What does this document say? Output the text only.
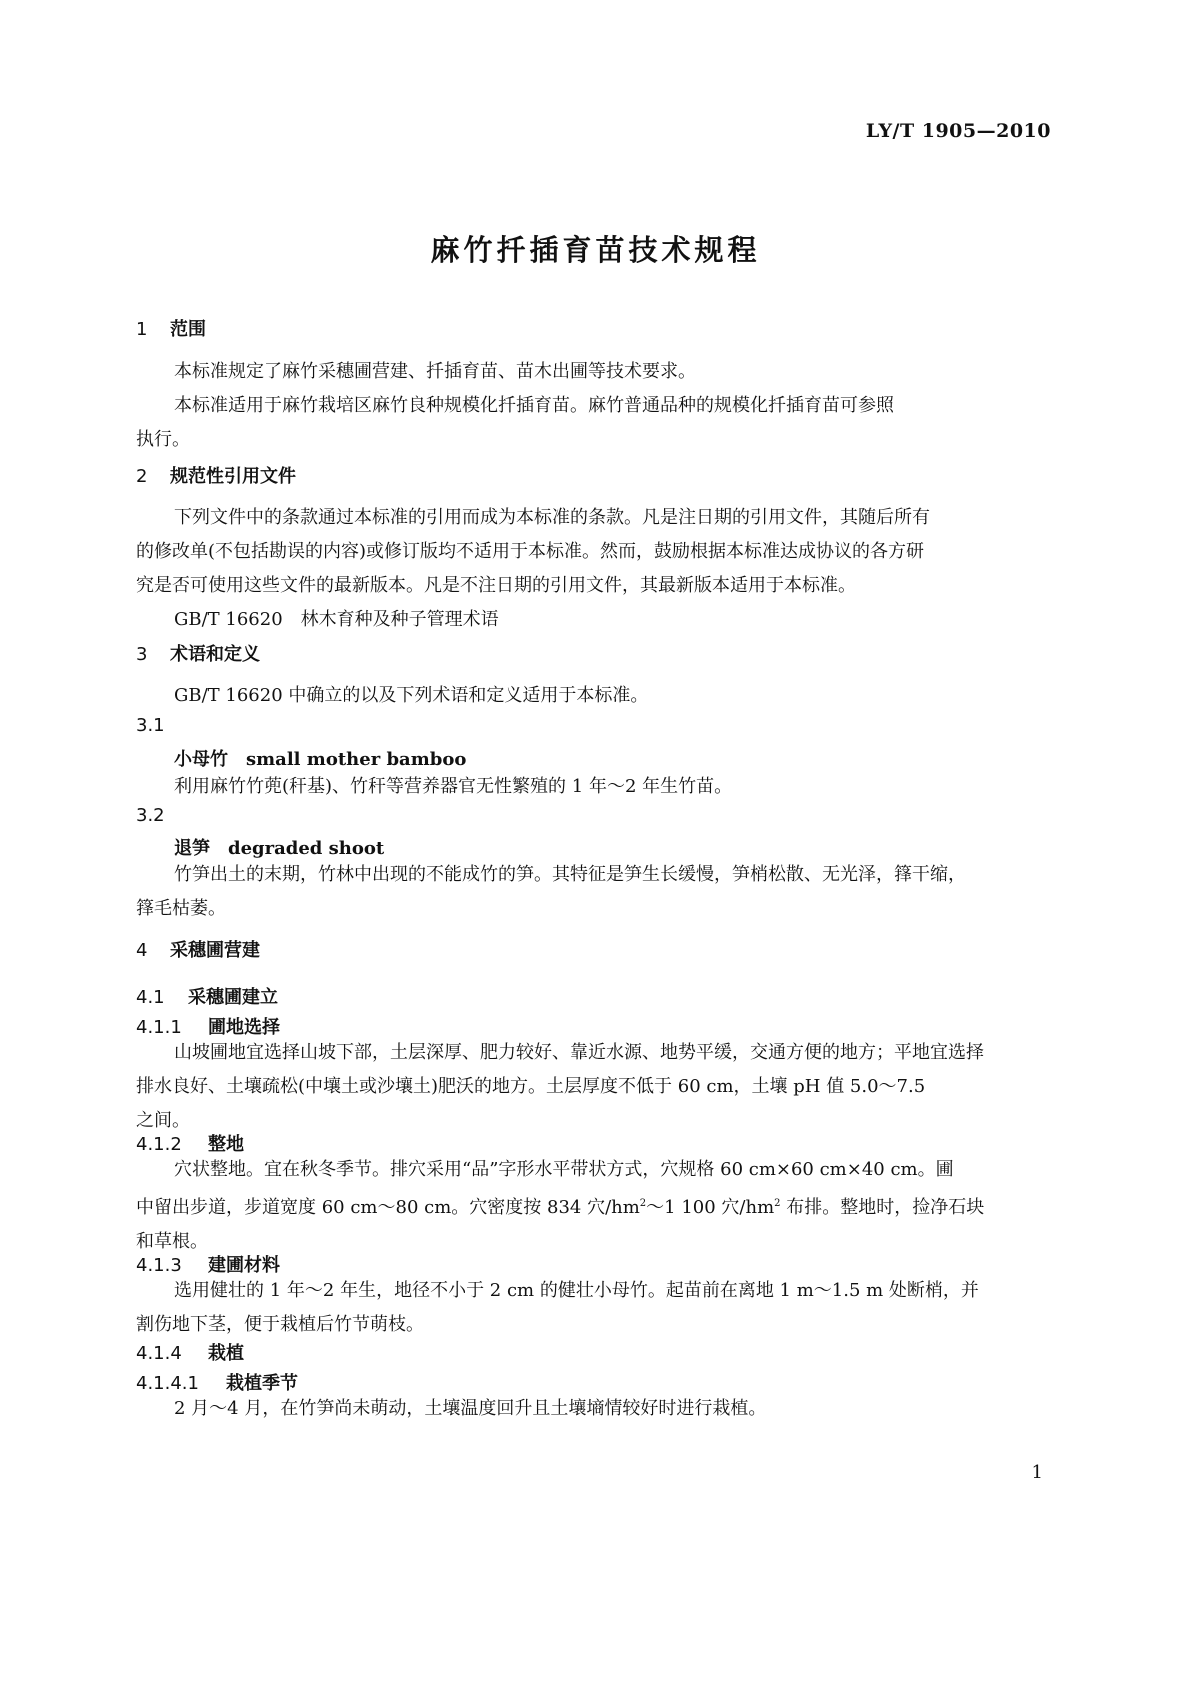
LY/T 1905—2010
麻竹扦插育苗技术规程
1 范围
本标准规定了麻竹采穗圃营建、扦插育苗、苗木出圃等技术要求。
本标准适用于麻竹栽培区麻竹良种规模化扦插育苗。麻竹普通品种的规模化扦插育苗可参照
执行。
2 规范性引用文件
下列文件中的条款通过本标准的引用而成为本标准的条款。凡是注日期的引用文件，其随后所有
的修改单(不包括勘误的内容)或修订版均不适用于本标准。然而，鼓励根据本标准达成协议的各方研
究是否可使用这些文件的最新版本。凡是不注日期的引用文件，其最新版本适用于本标准。
GB/T 16620　林木育种及种子管理术语
3 术语和定义
GB/T 16620 中确立的以及下列术语和定义适用于本标准。
3.1
小母竹 small mother bamboo
利用麻竹竹蔸(秆基)、竹秆等营养器官无性繁殖的 1 年～2 年生竹苗。
3.2
退笋 degraded shoot
竹笋出土的末期，竹林中出现的不能成竹的笋。其特征是笋生长缓慢，笋梢松散、无光泽，箨干缩，
箨毛枯萎。
4 采穗圃营建
4.1 采穗圃建立
4.1.1 圃地选择
山坡圃地宜选择山坡下部，土层深厚、肥力较好、靠近水源、地势平缓，交通方便的地方；平地宜选择
排水良好、土壤疏松(中壤土或沙壤土)肥沃的地方。土层厚度不低于 60 cm，土壤 pH 值 5.0～7.5
之间。
4.1.2 整地
穴状整地。宜在秋冬季节。排穴采用“品”字形水平带状方式，穴规格 60 cm×60 cm×40 cm。圃
中留出步道，步道宽度 60 cm～80 cm。穴密度按 834 穴$/hm^2\sim 1$ 100 穴$/hm^2$ 布排。整地时，捡净石块
和草根。
4.1.3 建圃材料
选用健壮的 1 年～2 年生，地径不小于 2 cm 的健壮小母竹。起苗前在离地 1 m～1.5 m 处断梢，并
割伤地下茎，便于栽植后竹节萌枝。
4.1.4 栽植
4.1.4.1 栽植季节
2 月～4 月，在竹笋尚未萌动，土壤温度回升且土壤墒情较好时进行栽植。
1
